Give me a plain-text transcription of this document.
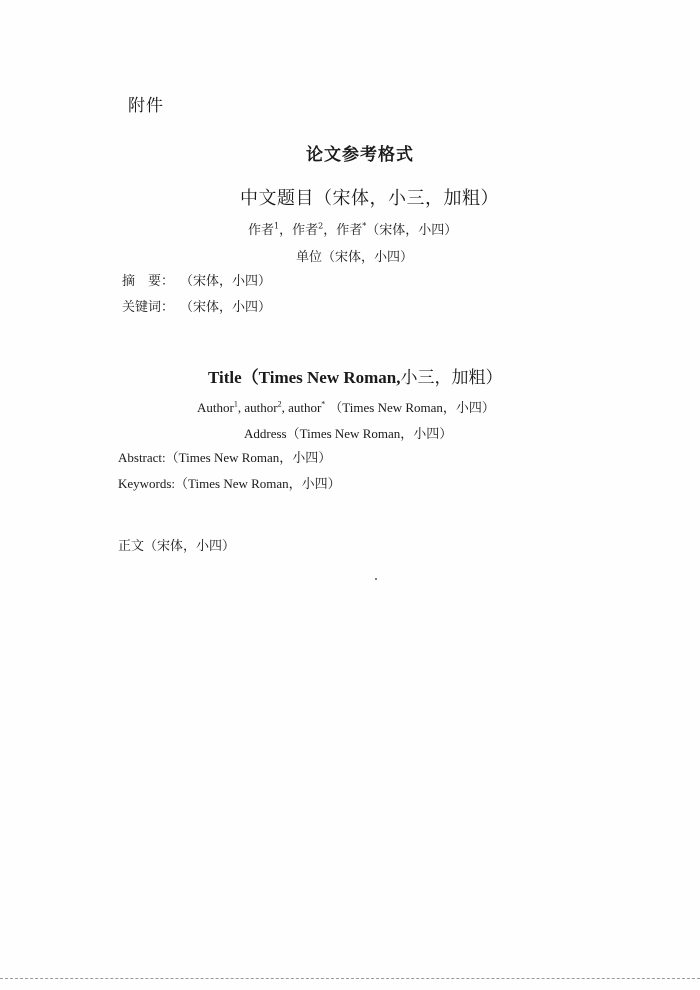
附件
论文参考格式
中文题目（宋体，小三，加粗）
作者$^1$，作者$^2$，作者*（宋体，小四）
单位（宋体，小四）
摘　要： （宋体，小四）
关键词： （宋体，小四）
Title（Times New Roman,小三，加粗）
Author$^1$, author$^2$, author* （Times New Roman，小四）
Address（Times New Roman，小四）
Abstract:（Times New Roman，小四）
Keywords:（Times New Roman，小四）
正文（宋体，小四）
